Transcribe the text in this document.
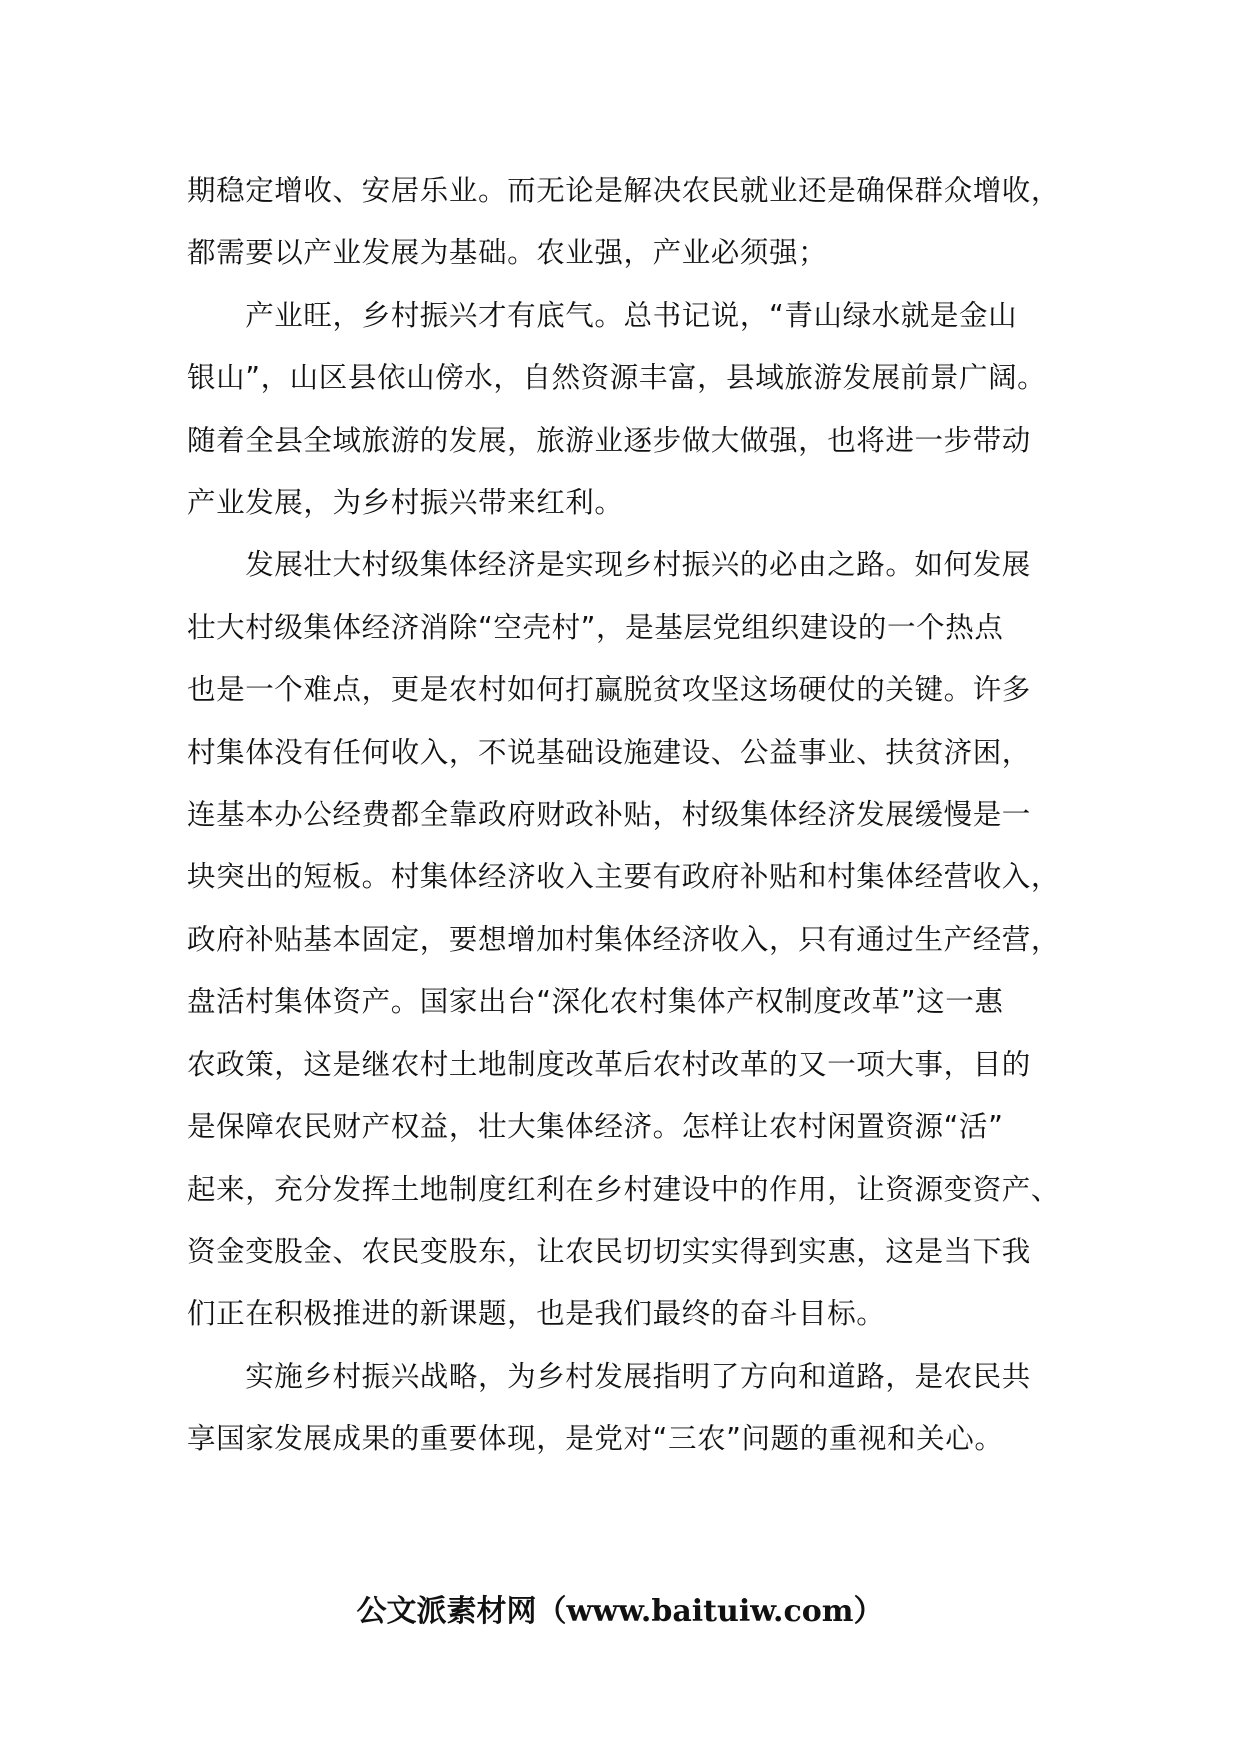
期稳定增收、安居乐业。而无论是解决农民就业还是确保群众增收，

都需要以产业发展为基础。农业强，产业必须强；

　　产业旺，乡村振兴才有底气。总书记说，“青山绿水就是金山

银山”，山区县依山傍水，自然资源丰富，县域旅游发展前景广阔。

随着全县全域旅游的发展，旅游业逐步做大做强，也将进一步带动

产业发展，为乡村振兴带来红利。

　　发展壮大村级集体经济是实现乡村振兴的必由之路。如何发展

壮大村级集体经济消除“空壳村”，是基层党组织建设的一个热点

也是一个难点，更是农村如何打赢脱贫攻坚这场硬仗的关键。许多

村集体没有任何收入，不说基础设施建设、公益事业、扶贫济困，

连基本办公经费都全靠政府财政补贴，村级集体经济发展缓慢是一

块突出的短板。村集体经济收入主要有政府补贴和村集体经营收入，

政府补贴基本固定，要想增加村集体经济收入，只有通过生产经营，

盘活村集体资产。国家出台“深化农村集体产权制度改革”这一惠

农政策，这是继农村土地制度改革后农村改革的又一项大事，目的

是保障农民财产权益，壮大集体经济。怎样让农村闲置资源“活”

起来，充分发挥土地制度红利在乡村建设中的作用，让资源变资产、

资金变股金、农民变股东，让农民切切实实得到实惠，这是当下我

们正在积极推进的新课题，也是我们最终的奋斗目标。

　　实施乡村振兴战略，为乡村发展指明了方向和道路，是农民共

享国家发展成果的重要体现，是党对“三农”问题的重视和关心。

公文派素材网（www.baituiw.com）
